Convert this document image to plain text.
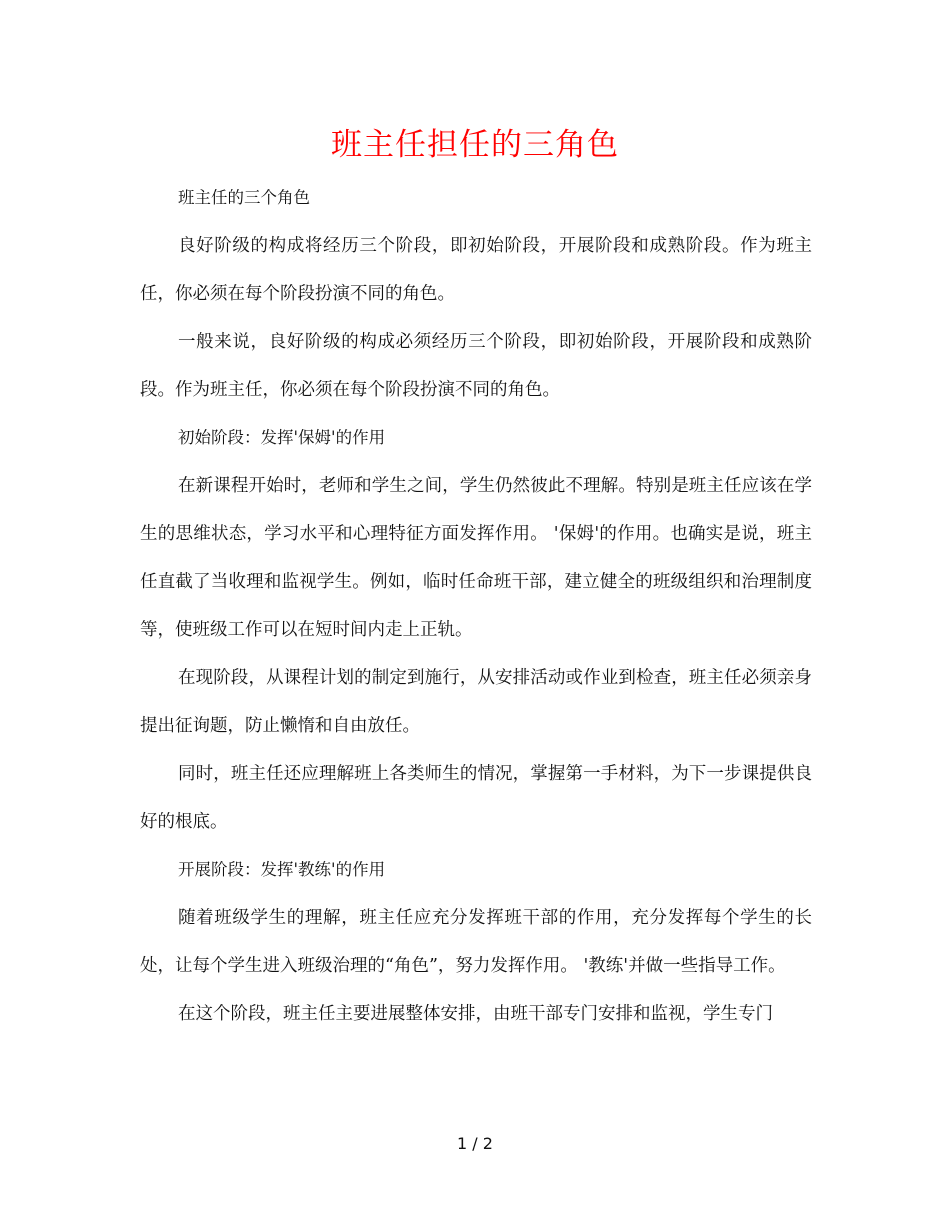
班主任担任的三角色

班主任的三个角色

良好阶级的构成将经历三个阶段，即初始阶段，开展阶段和成熟阶段。作为班主任，你必须在每个阶段扮演不同的角色。

一般来说，良好阶级的构成必须经历三个阶段，即初始阶段，开展阶段和成熟阶段。作为班主任，你必须在每个阶段扮演不同的角色。

初始阶段：发挥'保姆'的作用

在新课程开始时，老师和学生之间，学生仍然彼此不理解。特别是班主任应该在学生的思维状态，学习水平和心理特征方面发挥作用。 '保姆'的作用。也确实是说，班主任直截了当收理和监视学生。例如，临时任命班干部，建立健全的班级组织和治理制度等，使班级工作可以在短时间内走上正轨。

在现阶段，从课程计划的制定到施行，从安排活动或作业到检查，班主任必须亲身提出征询题，防止懒惰和自由放任。

同时，班主任还应理解班上各类师生的情况，掌握第一手材料，为下一步课提供良好的根底。

开展阶段：发挥'教练'的作用

随着班级学生的理解，班主任应充分发挥班干部的作用，充分发挥每个学生的长处，让每个学生进入班级治理的“角色”，努力发挥作用。 '教练'并做一些指导工作。

在这个阶段，班主任主要进展整体安排，由班干部专门安排和监视，学生专门

1 / 2
